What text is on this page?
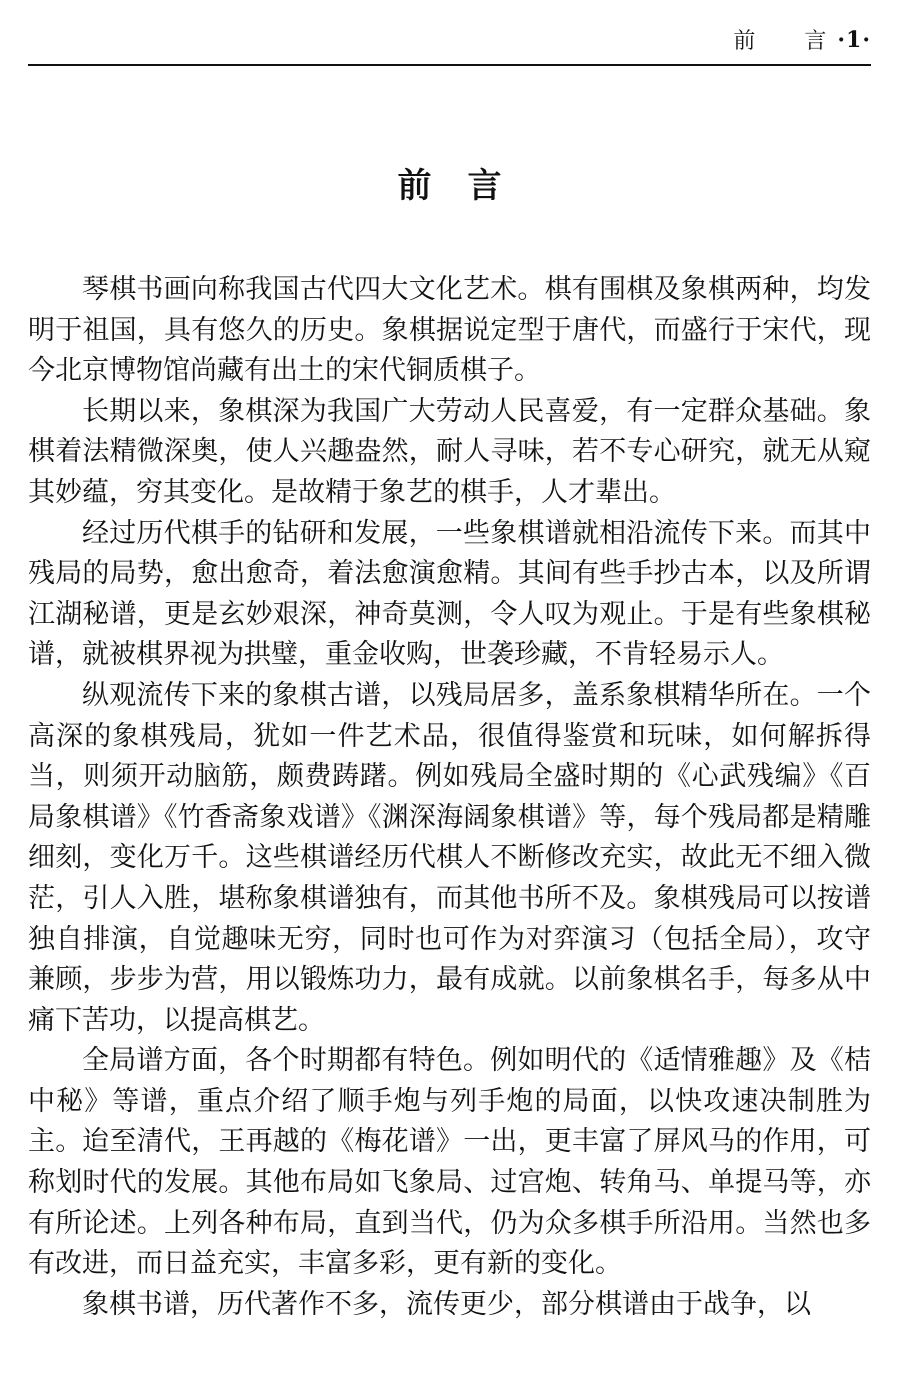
前 言 ·1·
前言

琴棋书画向称我国古代四大文化艺术。棋有围棋及象棋两种，均发明于祖国，具有悠久的历史。象棋据说定型于唐代，而盛行于宋代，现今北京博物馆尚藏有出土的宋代铜质棋子。

长期以来，象棋深为我国广大劳动人民喜爱，有一定群众基础。象棋着法精微深奥，使人兴趣盎然，耐人寻味，若不专心研究，就无从窥其妙蕴，穷其变化。是故精于象艺的棋手，人才辈出。

经过历代棋手的钻研和发展，一些象棋谱就相沿流传下来。而其中残局的局势，愈出愈奇，着法愈演愈精。其间有些手抄古本，以及所谓江湖秘谱，更是玄妙艰深，神奇莫测，令人叹为观止。于是有些象棋秘谱，就被棋界视为拱璧，重金收购，世袭珍藏，不肯轻易示人。

纵观流传下来的象棋古谱，以残局居多，盖系象棋精华所在。一个高深的象棋残局，犹如一件艺术品，很值得鉴赏和玩味，如何解拆得当，则须开动脑筋，颇费踌躇。例如残局全盛时期的《心武残编》《百局象棋谱》《竹香斋象戏谱》《渊深海阔象棋谱》等，每个残局都是精雕细刻，变化万千。这些棋谱经历代棋人不断修改充实，故此无不细入微茫，引人入胜，堪称象棋谱独有，而其他书所不及。象棋残局可以按谱独自排演，自觉趣味无穷，同时也可作为对弈演习（包括全局），攻守兼顾，步步为营，用以锻炼功力，最有成就。以前象棋名手，每多从中痛下苦功，以提高棋艺。

全局谱方面，各个时期都有特色。例如明代的《适情雅趣》及《桔中秘》等谱，重点介绍了顺手炮与列手炮的局面，以快攻速决制胜为主。迨至清代，王再越的《梅花谱》一出，更丰富了屏风马的作用，可称划时代的发展。其他布局如飞象局、过宫炮、转角马、单提马等，亦有所论述。上列各种布局，直到当代，仍为众多棋手所沿用。当然也多有改进，而日益充实，丰富多彩，更有新的变化。

象棋书谱，历代著作不多，流传更少，部分棋谱由于战争，以
